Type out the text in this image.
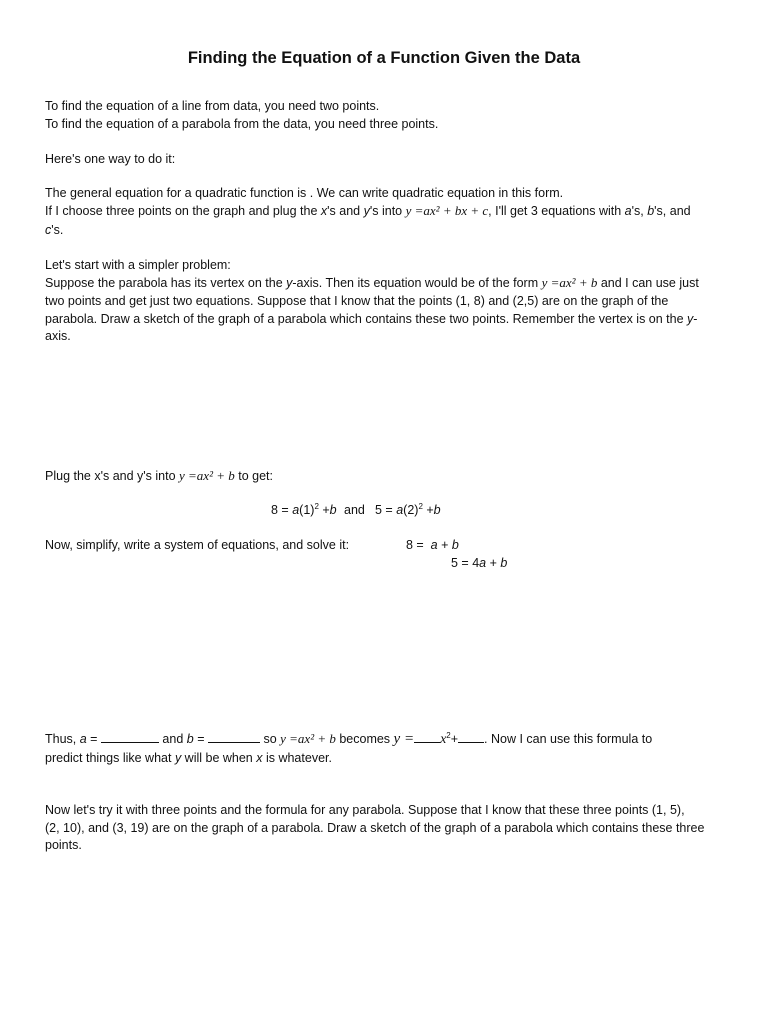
Finding the Equation of a Function Given the Data
To find the equation of a line from data, you need two points.
To find the equation of a parabola from the data, you need three points.
Here's one way to do it:
The general equation for a quadratic function is . We can write quadratic equation in this form.
If I choose three points on the graph and plug the x's and y's into y =ax² + bx + c, I'll get 3 equations with a's, b's, and
c's.
Let's start with a simpler problem:
Suppose the parabola has its vertex on the y-axis. Then its equation would be of the form y =ax² + b and I can use just
two points and get just two equations. Suppose that I know that the points (1, 8) and (2,5) are on the graph of the
parabola. Draw a sketch of the graph of a parabola which contains these two points. Remember the vertex is on the y-
axis.
Plug the x's and y's into y =ax² + b to get:
$8 = a(1)^2 +b$ and $5 = a(2)^2 +b$
Now, simplify, write a system of equations, and solve it:	8 =  a + b
5 = 4a + b
Thus, a =	and b =	so y =ax² + b becomes $y = x^2+$ . Now I can use this formula to
predict things like what y will be when x is whatever.
Now let's try it with three points and the formula for any parabola. Suppose that I know that these three points (1, 5),
(2, 10), and (3, 19) are on the graph of a parabola. Draw a sketch of the graph of a parabola which contains these three
points.
